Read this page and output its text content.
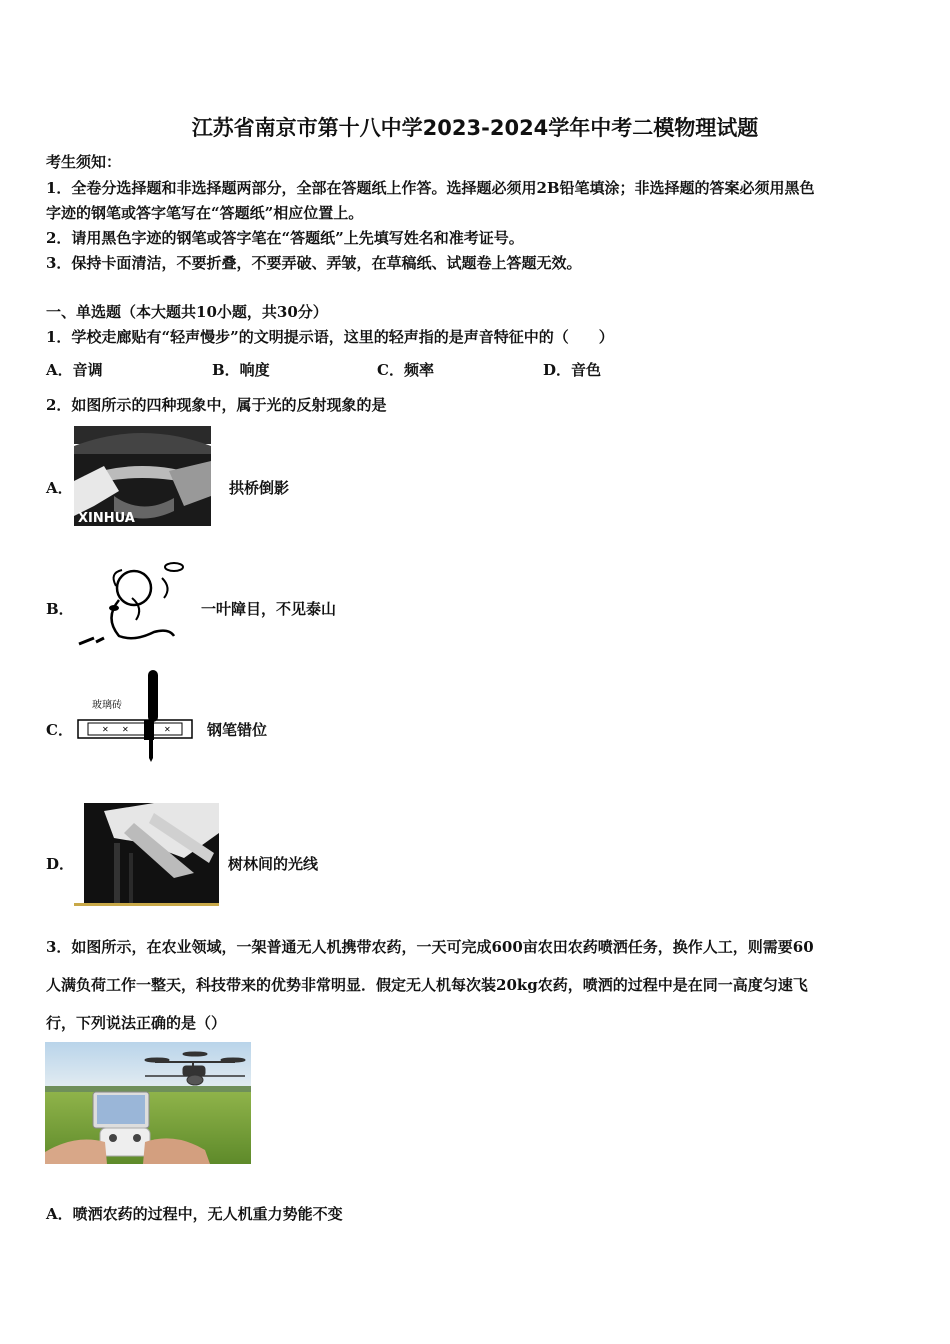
江苏省南京市第十八中学2023-2024学年中考二模物理试题
考生须知：
1．全卷分选择题和非选择题两部分，全部在答题纸上作答。选择题必须用2B铅笔填涂；非选择题的答案必须用黑色
字迹的钢笔或答字笔写在“答题纸”相应位置上。
2．请用黑色字迹的钢笔或答字笔在“答题纸”上先填写姓名和准考证号。
3．保持卡面清洁，不要折叠，不要弄破、弄皱，在草稿纸、试题卷上答题无效。
一、单选题（本大题共10小题，共30分）
1．学校走廊贴有“轻声慢步”的文明提示语，这里的轻声指的是声音特征中的（　　）
A．音调	B．响度	C．频率	D．音色
2．如图所示的四种现象中，属于光的反射现象的是
A．
XINHUA
拱桥倒影
B．	一叶障目，不见泰山
C．
玻璃砖
✕ ✕	✕ 钢笔错位
D．	树林间的光线
3．如图所示，在农业领域，一架普通无人机携带农药，一天可完成600亩农田农药喷洒任务，换作人工，则需要60
人满负荷工作一整天，科技带来的优势非常明显．假定无人机每次装20kg农药，喷洒的过程中是在同一高度匀速飞
行，下列说法正确的是（）
A．喷洒农药的过程中，无人机重力势能不变
